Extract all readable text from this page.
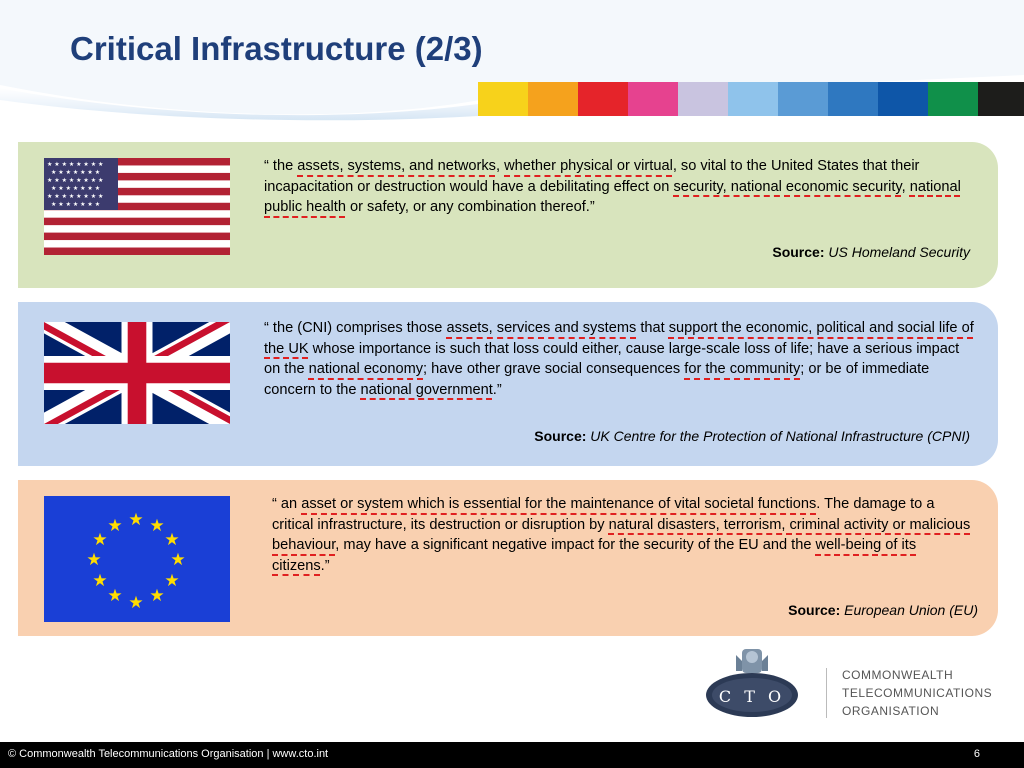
Critical Infrastructure (2/3)
★ ★ ★ ★ ★ ★ ★ ★
★ ★ ★ ★ ★ ★ ★
★ ★ ★ ★ ★ ★ ★ ★
★ ★ ★ ★ ★ ★ ★
★ ★ ★ ★ ★ ★ ★ ★
★ ★ ★ ★ ★ ★ ★

“ the assets, systems, and networks, whether physical or virtual, so vital to the United States that their incapacitation or destruction would have a debilitating effect on security, national economic security, national public health or safety, or any combination thereof.”

Source: US Homeland Security

“ the (CNI) comprises those assets, services and systems that support the economic, political and social life of the UK whose importance is such that loss could either, cause large-scale loss of life; have a serious impact on the national economy; have other grave social consequences for the community; or be of immediate concern to the national government.”

Source: UK Centre for the Protection of National Infrastructure (CPNI)
★ ★
★
★
★
★
★
★
★
★
★
★

“ an asset or system which is essential for the maintenance of vital societal functions. The damage to a critical infrastructure, its destruction or disruption by natural disasters, terrorism, criminal activity or malicious behaviour, may have a significant negative impact for the security of the EU and the well-being of its citizens.”

Source: European Union (EU)
C T O
COMMONWEALTH
TELECOMMUNICATIONS
ORGANISATION
© Commonwealth Telecommunications Organisation | www.cto.int	6
